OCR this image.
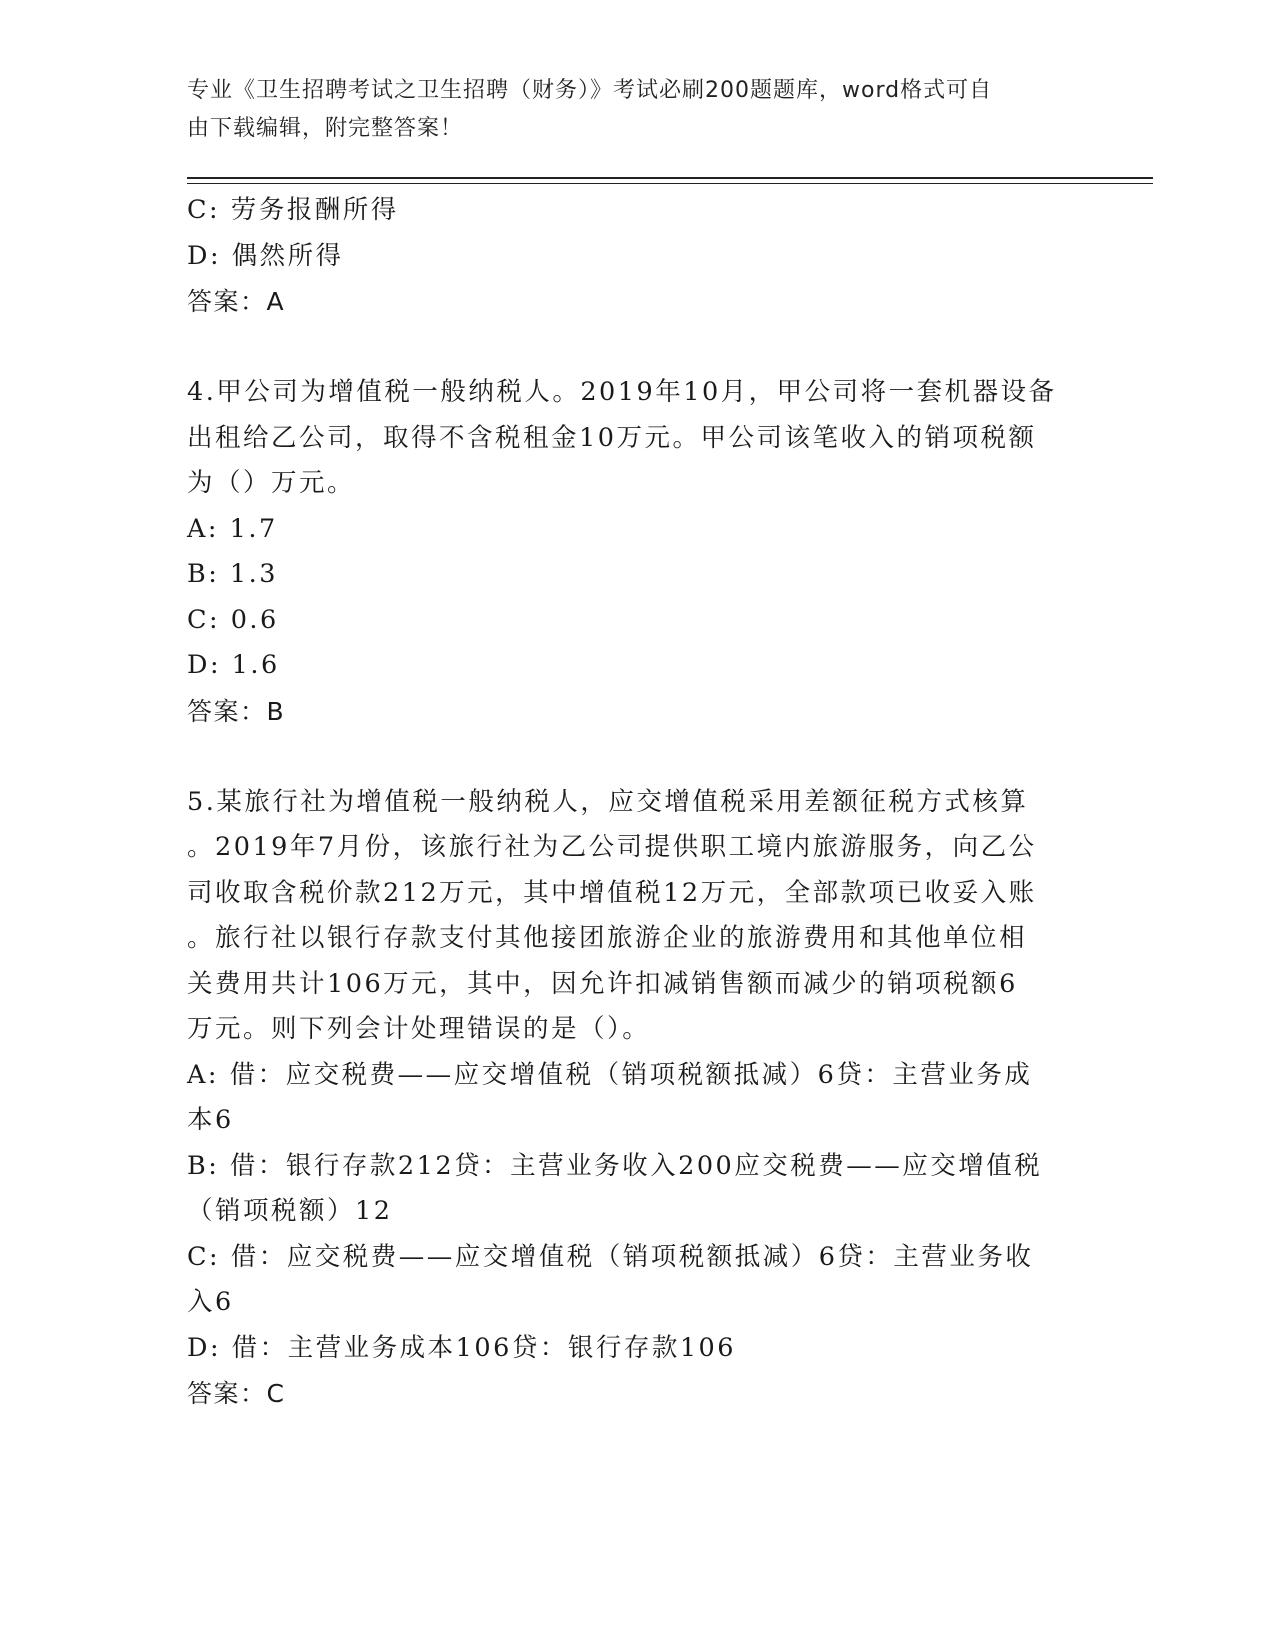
专业《卫生招聘考试之卫生招聘（财务）》考试必刷200题题库，word格式可自
由下载编辑，附完整答案！
C: 劳务报酬所得
D: 偶然所得
答案：A
4.甲公司为增值税一般纳税人。2019年10月，甲公司将一套机器设备
出租给乙公司，取得不含税租金10万元。甲公司该笔收入的销项税额
为（）万元。
A: 1.7
B: 1.3
C: 0.6
D: 1.6
答案：B
5.某旅行社为增值税一般纳税人，应交增值税采用差额征税方式核算
。2019年7月份，该旅行社为乙公司提供职工境内旅游服务，向乙公
司收取含税价款212万元，其中增值税12万元，全部款项已收妥入账
。旅行社以银行存款支付其他接团旅游企业的旅游费用和其他单位相
关费用共计106万元，其中，因允许扣减销售额而减少的销项税额6
万元。则下列会计处理错误的是（）。
A: 借：应交税费——应交增值税（销项税额抵减）6贷：主营业务成
本6
B: 借：银行存款212贷：主营业务收入200应交税费——应交增值税
（销项税额）12
C: 借：应交税费——应交增值税（销项税额抵减）6贷：主营业务收
入6
D: 借：主营业务成本106贷：银行存款106
答案：C
